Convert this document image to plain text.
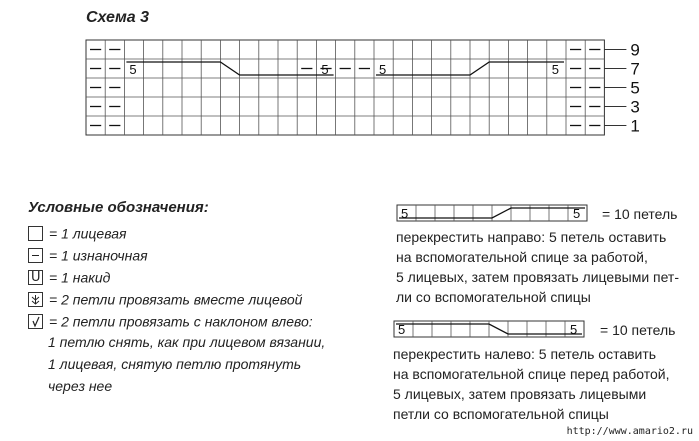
Схема 3
5	5	5	5
9
7
5
3
1
Условные обозначения:
= 1 лицевая
= 1 изнаночная
U = 1 накид
= 2 петли провязать вместе лицевой
= 2 петли провязать с наклоном влево:
1 петлю снять, как при лицевом вязании,
1 лицевая, снятую петлю протянуть
через нее
5	5 = 10 петель
перекрестить направо: 5 петель оставить
на вспомогательной спице за работой,
5 лицевых, затем провязать лицевыми пет-
ли со вспомогательной спицы
5	5 = 10 петель
перекрестить налево: 5 петель оставить
на вспомогательной спице перед работой,
5 лицевых, затем провязать лицевыми
петли со вспомогательной спицы
http://www.amario2.ru
